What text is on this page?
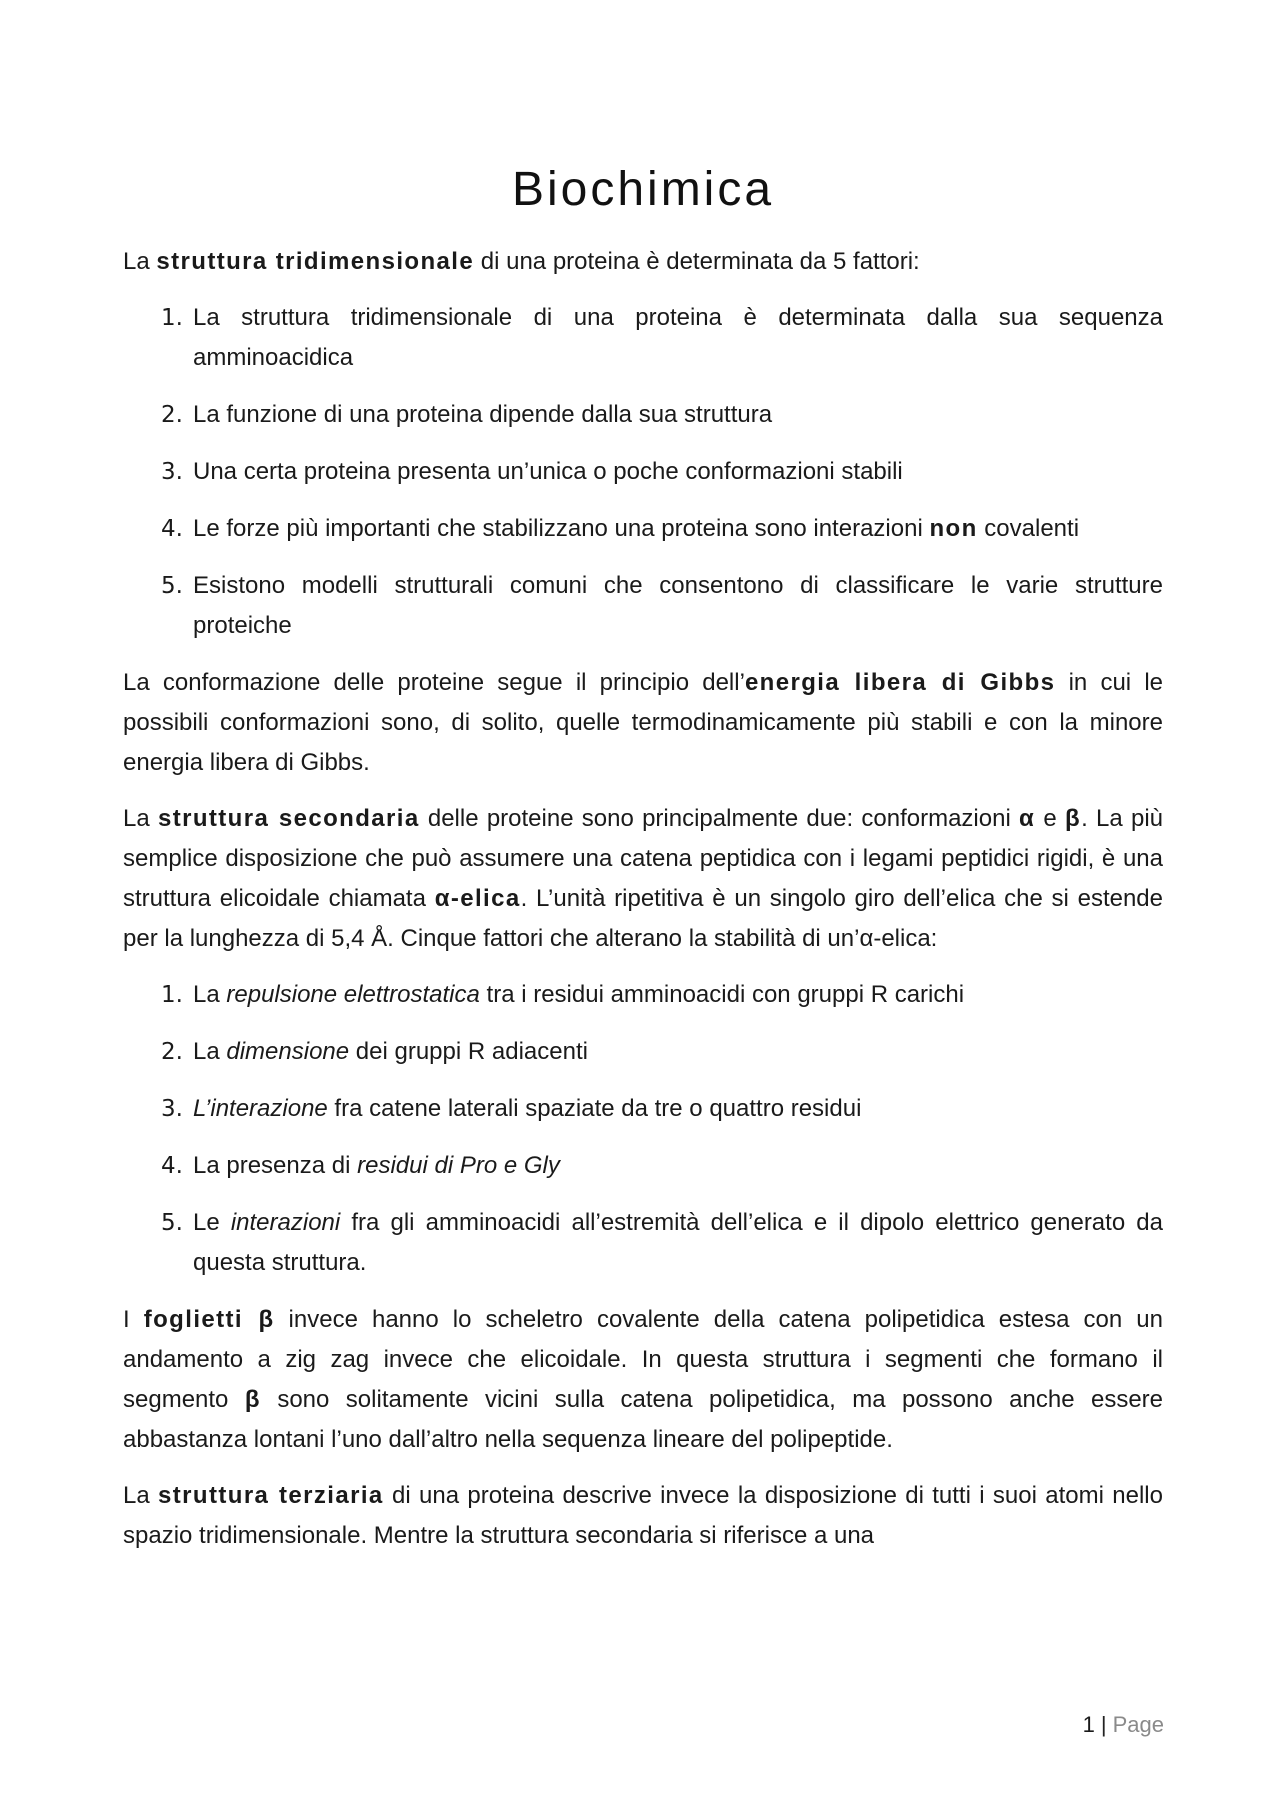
Biochimica

La struttura tridimensionale di una proteina è determinata da 5 fattori:

1. La struttura tridimensionale di una proteina è determinata dalla sua sequenza amminoacidica
2. La funzione di una proteina dipende dalla sua struttura
3. Una certa proteina presenta un’unica o poche conformazioni stabili
4. Le forze più importanti che stabilizzano una proteina sono interazioni non covalenti
5. Esistono modelli strutturali comuni che consentono di classificare le varie strutture proteiche

La conformazione delle proteine segue il principio dell’energia libera di Gibbs in cui le possibili conformazioni sono, di solito, quelle termodinamicamente più stabili e con la minore energia libera di Gibbs.

La struttura secondaria delle proteine sono principalmente due: conformazioni α e β. La più semplice disposizione che può assumere una catena peptidica con i legami peptidici rigidi, è una struttura elicoidale chiamata α-elica. L’unità ripetitiva è un singolo giro dell’elica che si estende per la lunghezza di 5,4 Å. Cinque fattori che alterano la stabilità di un’α-elica:

1. La repulsione elettrostatica tra i residui amminoacidi con gruppi R carichi
2. La dimensione dei gruppi R adiacenti
3. L’interazione fra catene laterali spaziate da tre o quattro residui
4. La presenza di residui di Pro e Gly
5. Le interazioni fra gli amminoacidi all’estremità dell’elica e il dipolo elettrico generato da questa struttura.

I foglietti β invece hanno lo scheletro covalente della catena polipetidica estesa con un andamento a zig zag invece che elicoidale. In questa struttura i segmenti che formano il segmento β sono solitamente vicini sulla catena polipetidica, ma possono anche essere abbastanza lontani l’uno dall’altro nella sequenza lineare del polipeptide.

La struttura terziaria di una proteina descrive invece la disposizione di tutti i suoi atomi nello spazio tridimensionale. Mentre la struttura secondaria si riferisce a una

1 | Page
